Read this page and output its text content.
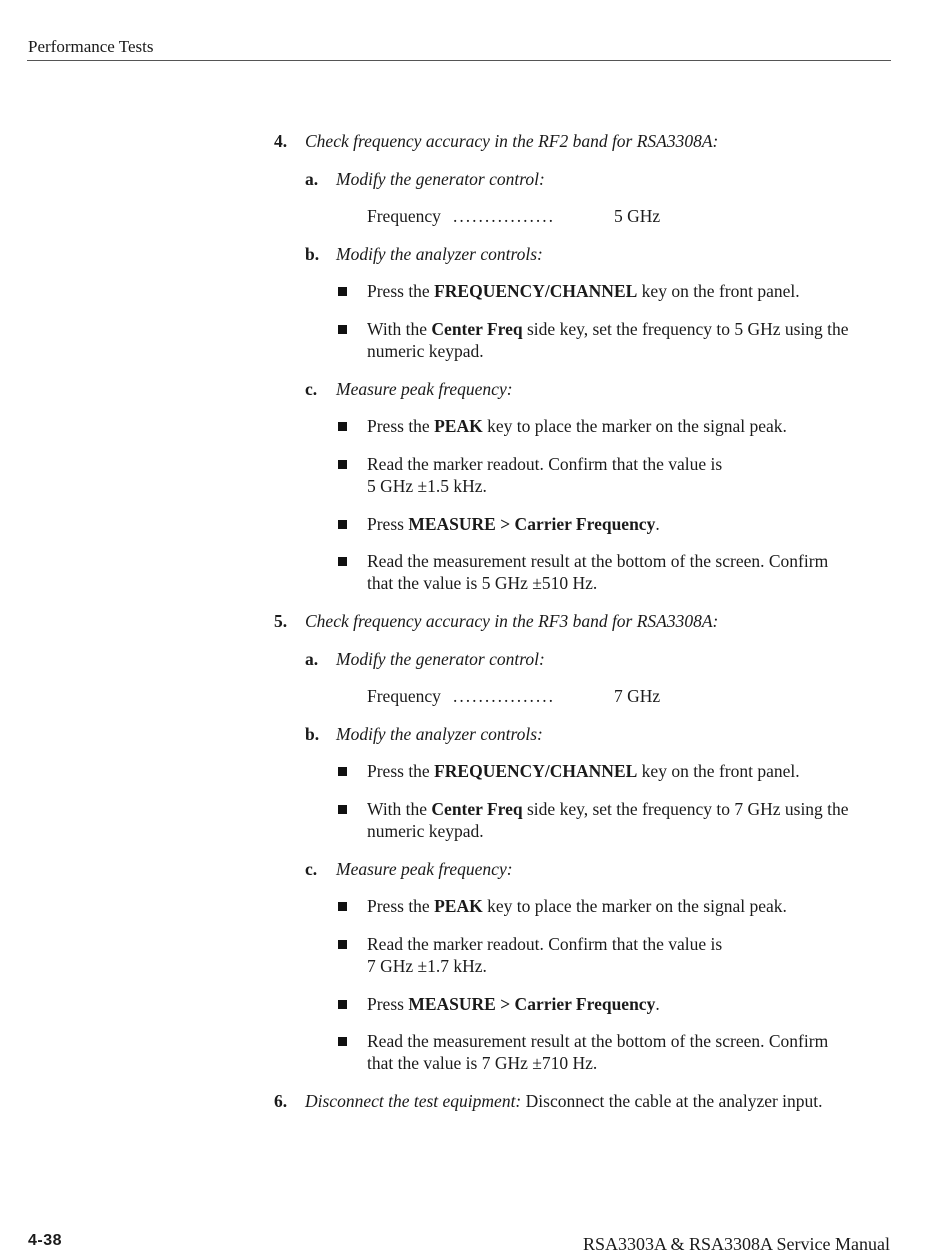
Performance Tests
4. Check frequency accuracy in the RF2 band for RSA3308A:
a. Modify the generator control:
Frequency ................	5 GHz
b. Modify the analyzer controls:
Press the FREQUENCY/CHANNEL key on the front panel.
With the Center Freq side key, set the frequency to 5 GHz using the
numeric keypad.
c. Measure peak frequency:
Press the PEAK key to place the marker on the signal peak.
Read the marker readout. Confirm that the value is
5 GHz ±1.5 kHz.
Press MEASURE > Carrier Frequency.
Read the measurement result at the bottom of the screen. Confirm
that the value is 5 GHz ±510 Hz.
5. Check frequency accuracy in the RF3 band for RSA3308A:
a. Modify the generator control:
Frequency ................	7 GHz
b. Modify the analyzer controls:
Press the FREQUENCY/CHANNEL key on the front panel.
With the Center Freq side key, set the frequency to 7 GHz using the
numeric keypad.
c. Measure peak frequency:
Press the PEAK key to place the marker on the signal peak.
Read the marker readout. Confirm that the value is
7 GHz ±1.7 kHz.
Press MEASURE > Carrier Frequency.
Read the measurement result at the bottom of the screen. Confirm
that the value is 7 GHz ±710 Hz.
6. Disconnect the test equipment: Disconnect the cable at the analyzer input.
4-38	RSA3303A & RSA3308A Service Manual
